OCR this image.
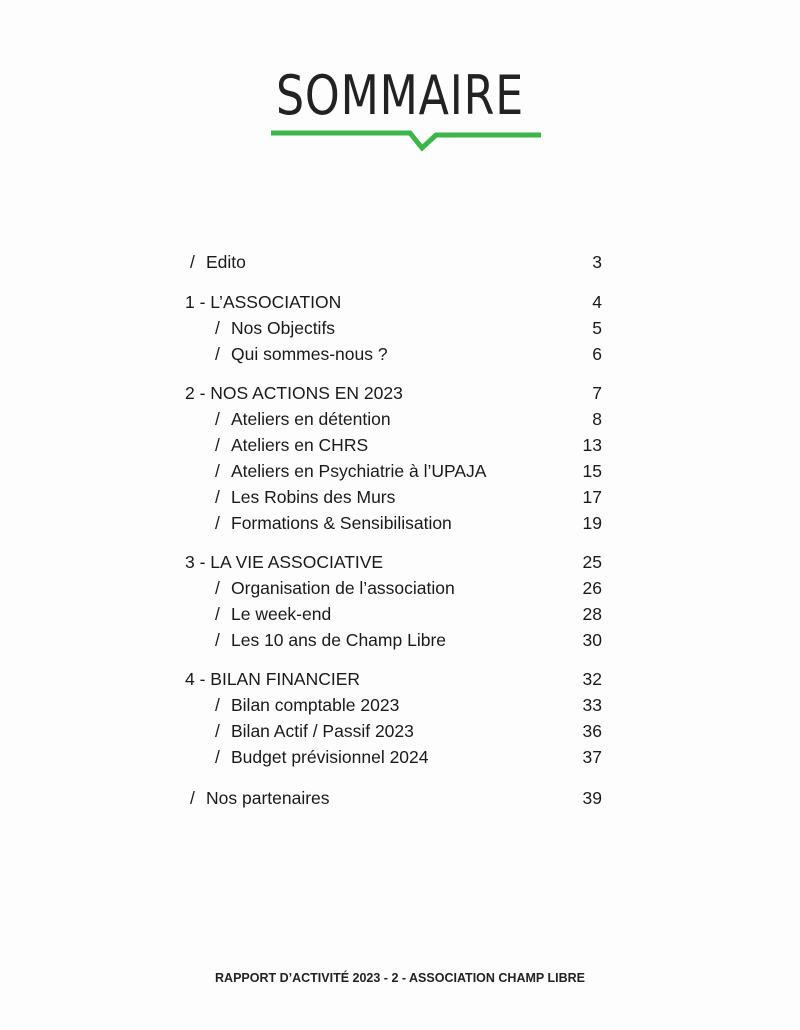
SOMMAIRE
/ Edito	3
1 - L’ASSOCIATION	4
/ Nos Objectifs	5
/ Qui sommes-nous ?	6
2 - NOS ACTIONS EN 2023	7
/ Ateliers en détention	8
/ Ateliers en CHRS	13
/ Ateliers en Psychiatrie à l’UPAJA	15
/ Les Robins des Murs	17
/ Formations & Sensibilisation	19
3 - LA VIE ASSOCIATIVE	25
/ Organisation de l’association	26
/ Le week-end	28
/ Les 10 ans de Champ Libre	30
4 - BILAN FINANCIER	32
/ Bilan comptable 2023	33
/ Bilan Actif / Passif 2023	36
/ Budget prévisionnel 2024	37
/ Nos partenaires	39
RAPPORT D’ACTIVITÉ 2023 - 2 - ASSOCIATION CHAMP LIBRE
